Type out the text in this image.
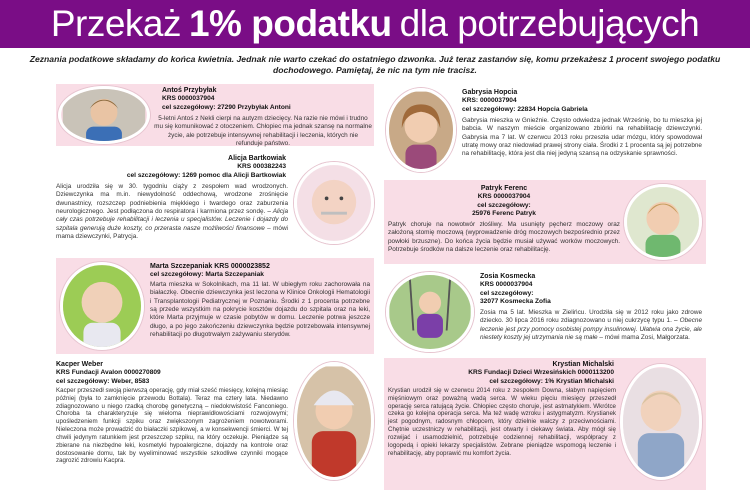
Przekaż 1% podatku dla potrzebujących
Zeznania podatkowe składamy do końca kwietnia. Jednak nie warto czekać do ostatniego dzwonka. Już teraz zastanów się, komu przekażesz 1 procent swojego podatku dochodowego. Pamiętaj, że nic na tym nie tracisz.
Antoś Przybyłak
KRS 0000037904
cel szczegółowy: 27290 Przybyłak Antoni

5-letni Antoś z Nekli cierpi na autyzm dziecięcy. Na razie nie mówi i trudno mu się komunikować z otoczeniem. Chłopiec ma jednak szansę na normalne życie, ale potrzebuje intensywnej rehabilitacji i leczenia, których nie refunduje państwo.

Alicja Bartkowiak
KRS 000382243
cel szczegółowy: 1269 pomoc dla Alicji Bartkowiak

Alicja urodziła się w 30. tygodniu ciąży z zespołem wad wrodzonych. Dziewczynka ma m.in. niewydolność oddechową, wrodzone zrośnięcie dwunastnicy, rozszczep podniebienia miękkiego i twardego oraz zaburzenia neurologicznego. Jest podłączona do respiratora i karmiona przez sondę. – Alicja cały czas potrzebuje rehabilitacji i leczenia u specjalistów. Leczenie i dojazdy do szpitala generują duże koszty, co przerasta nasze możliwości finansowe – mówi mama dziewczynki, Patrycja.

Marta Szczepaniak KRS 0000023852
cel szczegółowy: Marta Szczepaniak

Marta mieszka w Sokolnikach, ma 11 lat. W ubiegłym roku zachorowała na białaczkę. Obecnie dziewczynka jest leczona w Klinice Onkologii Hematologii i Transplantologii Pediatrycznej w Poznaniu. Środki z 1 procenta potrzebne są przede wszystkim na pokrycie kosztów dojazdu do szpitala oraz na leki, które Marta przyjmuje w czasie pobytów w domu. Leczenie potrwa jeszcze długo, a po jego zakończeniu dziewczynka będzie potrzebowała intensywnej rehabilitacji po długotrwałym zażywaniu sterydów.

Kacper Weber
KRS Fundacji Avalon 0000270809
cel szczegółowy: Weber, 8583

Kacper przeszedł swoją pierwszą operację, gdy miał sześć miesięcy, kolejną miesiąc później (była to zamknięcie przewodu Bottala). Teraz ma cztery lata. Niedawno zdiagnozowano u niego rzadką chorobę genetyczną – niedokrwistość Fanconiego. Choroba ta charakteryzuje się wieloma nieprawidłowościami rozwojowymi; upośledzeniem funkcji szpiku oraz zwiększonym zagrożeniem nowotworami. Nieleczona może prowadzić do białaczki szpikowej, a w konsekwencji śmierci. W tej chwili jedynym ratunkiem jest przeszczep szpiku, na który oczekuje. Pieniądze są zbierane na niezbędne leki, kosmetyki hypoalergiczne, dojazdy na kontrole oraz dostosowanie domu, tak by wyeliminować wszystkie szkodliwe czynniki mogące zagrozić zdrowiu Kacpra.

Gabrysia Hopcia
KRS: 0000037904
cel szczegółowy: 22834 Hopcia Gabriela

Gabrysia mieszka w Gnieźnie. Często odwiedza jednak Wrześnię, bo tu mieszka jej babcia. W naszym mieście organizowano zbiórki na rehabilitację dziewczynki. Gabrysia ma 7 lat. W czerwcu 2013 roku przeszła udar mózgu, który spowodował utratę mowy oraz niedowład prawej strony ciała. Środki z 1 procenta są jej potrzebne na rehabilitację, która jest dla niej jedyną szansą na odzyskanie sprawności.

Patryk Ferenc
KRS 0000037904
cel szczegółowy:
25976 Ferenc Patryk

Patryk choruje na nowotwór złośliwy. Ma usunięty pęcherz moczowy oraz założoną stomię moczową (wyprowadzenie dróg moczowych bezpośrednio przez powłoki brzuszne). Do końca życia będzie musiał używać worków moczowych. Potrzebuje środków na dalsze leczenie oraz rehabilitację.

Zosia Kosmecka
KRS 0000037904
cel szczegółowy:
32077 Kosmecka Zofia

Zosia ma 5 lat. Mieszka w Zielińcu. Urodziła się w 2012 roku jako zdrowe dziecko. 30 lipca 2016 roku zdiagnozowano u niej cukrzycę typu 1. – Obecne leczenie jest przy pomocy osobistej pompy insulinowej. Ułatwia ona życie, ale niestety koszty jej utrzymania nie są małe – mówi mama Zosi, Małgorzata.

Krystian Michalski
KRS Fundacji Dzieci Wrzesińskich 0000113200
cel szczegółowy: 1% Krystian Michalski

Krystian urodził się w czerwcu 2014 roku z zespołem Downa, słabym napięciem mięśniowym oraz poważną wadą serca. W wieku pięciu miesięcy przeszedł operację serca ratującą życie. Chłopiec często choruje, jest astmatykiem. Wkrótce czeka go kolejna operacja serca. Ma też wadę wzroku i astygmatyzm. Krystianek jest pogodnym, radosnym chłopcem, który dzielnie walczy z przeciwnościami. Chętnie uczestniczy w rehabilitacji, jest otwarty i ciekawy świata. Aby mógł się rozwijać i usamodzielnić, potrzebuje codziennej rehabilitacji, współpracy z logopedą i opieki lekarzy specjalistów. Zebrane pieniądze wspomogą leczenie i rehabilitację, aby poprawić mu komfort życia.
